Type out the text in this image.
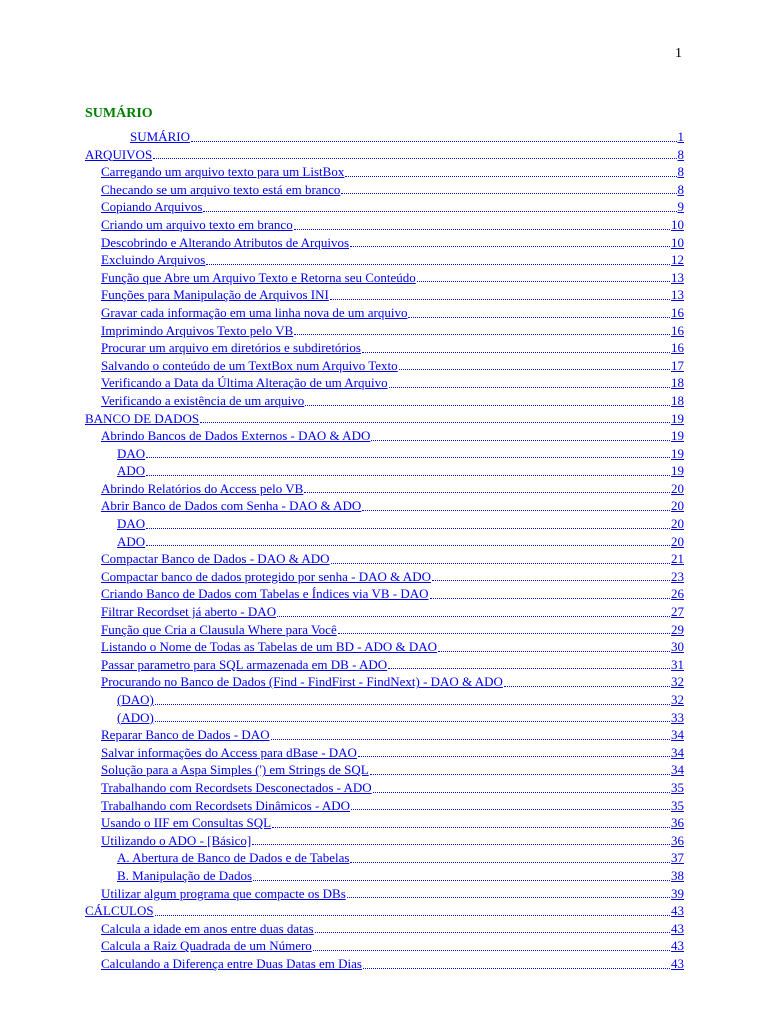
1
SUMÁRIO
SUMÁRIO	1
ARQUIVOS	8
Carregando um arquivo texto para um ListBox	8
Checando se um arquivo texto está em branco	8
Copiando Arquivos	9
Criando um arquivo texto em branco	10
Descobrindo e Alterando Atributos de Arquivos	10
Excluindo Arquivos	12
Função que Abre um Arquivo Texto e Retorna seu Conteúdo	13
Funções para Manipulação de Arquivos INI	13
Gravar cada informação em uma linha nova de um arquivo	16
Imprimindo Arquivos Texto pelo VB	16
Procurar um arquivo em diretórios e subdiretórios	16
Salvando o conteúdo de um TextBox num Arquivo Texto	17
Verificando a Data da Última Alteração de um Arquivo	18
Verificando a existência de um arquivo	18
BANCO DE DADOS	19
Abrindo Bancos de Dados Externos - DAO & ADO	19
DAO	19
ADO	19
Abrindo Relatórios do Access pelo VB	20
Abrir Banco de Dados com Senha - DAO & ADO	20
DAO	20
ADO	20
Compactar Banco de Dados - DAO & ADO	21
Compactar banco de dados protegido por senha - DAO & ADO	23
Criando Banco de Dados com Tabelas e Índices via VB - DAO	26
Filtrar Recordset já aberto - DAO	27
Função que Cria a Clausula Where para Você	29
Listando o Nome de Todas as Tabelas de um BD - ADO & DAO	30
Passar parametro para SQL armazenada em DB - ADO	31
Procurando no Banco de Dados (Find - FindFirst - FindNext) - DAO & ADO	32
(DAO)	32
(ADO)	33
Reparar Banco de Dados - DAO	34
Salvar informações do Access para dBase - DAO	34
Solução para a Aspa Simples (') em Strings de SQL	34
Trabalhando com Recordsets Desconectados - ADO	35
Trabalhando com Recordsets Dinâmicos - ADO	35
Usando o IIF em Consultas SQL	36
Utilizando o ADO - [Básico]	36
A. Abertura de Banco de Dados e de Tabelas	37
B. Manipulação de Dados	38
Utilizar algum programa que compacte os DBs	39
CÁLCULOS	43
Calcula a idade em anos entre duas datas	43
Calcula a Raiz Quadrada de um Número	43
Calculando a Diferença entre Duas Datas em Dias	43
